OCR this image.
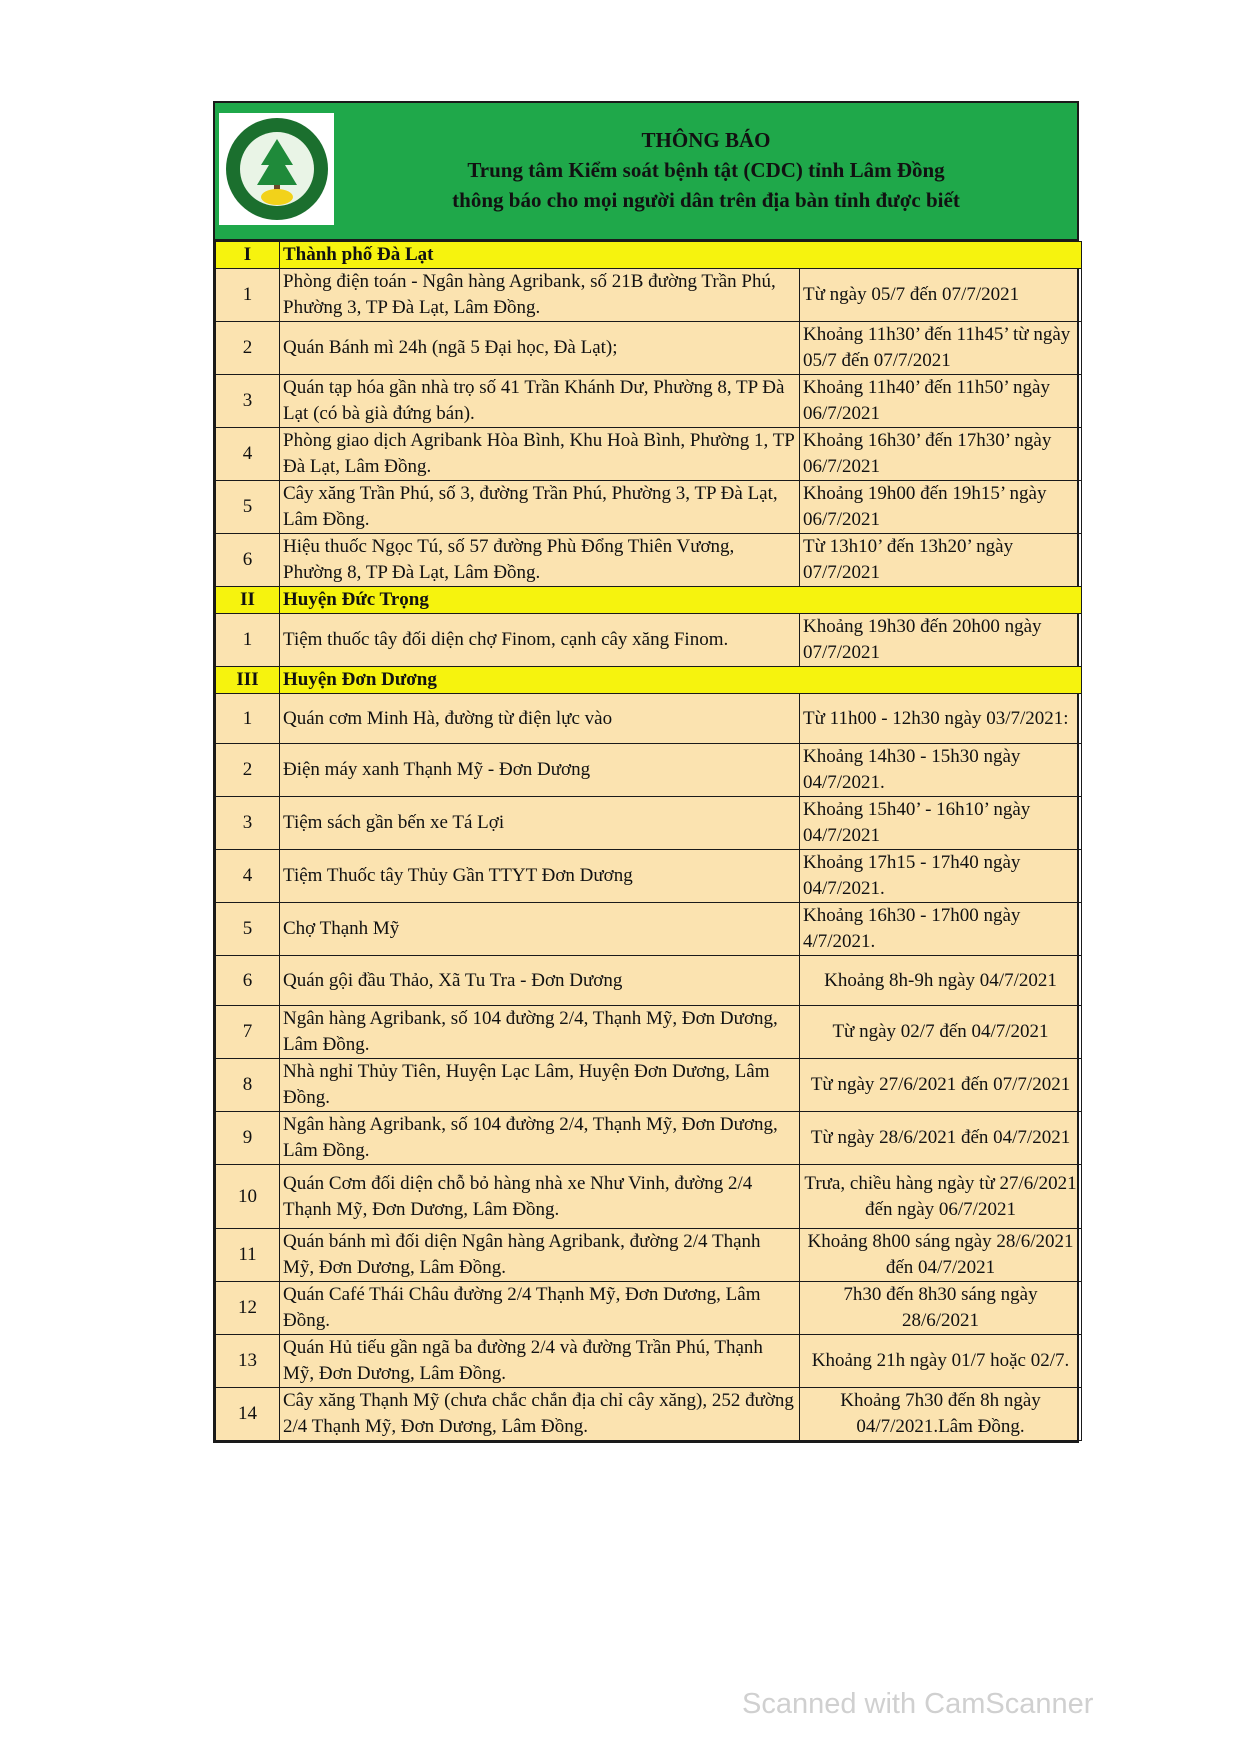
THÔNG BÁO
Trung tâm Kiểm soát bệnh tật (CDC) tỉnh Lâm Đồng
thông báo cho mọi người dân trên địa bàn tỉnh được biết
I	Thành phố Đà Lạt	
1	Phòng điện toán - Ngân hàng Agribank, số 21B đường Trần Phú, Phường 3, TP Đà Lạt, Lâm Đồng.	Từ ngày 05/7 đến 07/7/2021
2	Quán Bánh mì 24h (ngã 5 Đại học, Đà Lạt);	Khoảng 11h30’ đến 11h45’ từ ngày 05/7 đến 07/7/2021
3	Quán tạp hóa gần nhà trọ số 41 Trần Khánh Dư, Phường 8, TP Đà Lạt (có bà già đứng bán).	Khoảng 11h40’ đến 11h50’ ngày 06/7/2021
4	Phòng giao dịch Agribank Hòa Bình, Khu Hoà Bình, Phường 1, TP Đà Lạt, Lâm Đồng.	Khoảng 16h30’ đến 17h30’ ngày 06/7/2021
5	Cây xăng Trần Phú, số 3, đường Trần Phú, Phường 3, TP Đà Lạt, Lâm Đồng.	Khoảng 19h00 đến 19h15’ ngày 06/7/2021
6	Hiệu thuốc Ngọc Tú, số 57 đường Phù Đổng Thiên Vương, Phường 8, TP Đà Lạt, Lâm Đồng.	Từ 13h10’ đến 13h20’ ngày 07/7/2021
II	Huyện Đức Trọng	
1	Tiệm thuốc tây đối diện chợ Finom, cạnh cây xăng Finom.	Khoảng 19h30 đến 20h00 ngày 07/7/2021
III	Huyện Đơn Dương	
1	Quán cơm Minh Hà, đường từ điện lực vào	Từ 11h00 - 12h30 ngày 03/7/2021:
2	Điện máy xanh Thạnh Mỹ - Đơn Dương	Khoảng 14h30 - 15h30 ngày 04/7/2021.
3	Tiệm sách gần bến xe Tá Lợi	Khoảng 15h40’ - 16h10’ ngày 04/7/2021
4	Tiệm Thuốc tây Thủy Gần TTYT Đơn Dương	Khoảng 17h15 - 17h40 ngày 04/7/2021.
5	Chợ Thạnh Mỹ	Khoảng 16h30 - 17h00 ngày 4/7/2021.
6	Quán gội đầu Thảo, Xã Tu Tra - Đơn Dương	Khoảng 8h-9h ngày 04/7/2021
7	Ngân hàng Agribank, số 104 đường 2/4, Thạnh Mỹ, Đơn Dương, Lâm Đồng.	Từ ngày 02/7 đến 04/7/2021
8	Nhà nghỉ Thủy Tiên, Huyện Lạc Lâm, Huyện Đơn Dương, Lâm Đồng.	Từ ngày 27/6/2021 đến 07/7/2021
9	Ngân hàng Agribank, số 104 đường 2/4, Thạnh Mỹ, Đơn Dương, Lâm Đồng.	Từ ngày 28/6/2021 đến 04/7/2021
10	Quán Cơm đối diện chỗ bỏ hàng nhà xe Như Vinh, đường 2/4 Thạnh Mỹ, Đơn Dương, Lâm Đồng.	Trưa, chiều hàng ngày từ 27/6/2021 đến ngày 06/7/2021
11	Quán bánh mì đối diện Ngân hàng Agribank, đường 2/4 Thạnh Mỹ, Đơn Dương, Lâm Đồng.	Khoảng 8h00 sáng ngày 28/6/2021 đến 04/7/2021
12	Quán Café Thái Châu đường 2/4 Thạnh Mỹ, Đơn Dương, Lâm Đồng.	7h30 đến 8h30 sáng ngày 28/6/2021
13	Quán Hủ tiếu gần ngã ba đường 2/4 và đường Trần Phú, Thạnh Mỹ, Đơn Dương, Lâm Đồng.	Khoảng 21h ngày 01/7 hoặc 02/7.
14	Cây xăng Thạnh Mỹ (chưa chắc chắn địa chỉ cây xăng), 252 đường 2/4 Thạnh Mỹ, Đơn Dương, Lâm Đồng.	Khoảng 7h30 đến 8h ngày 04/7/2021.Lâm Đồng.
Scanned with CamScanner
